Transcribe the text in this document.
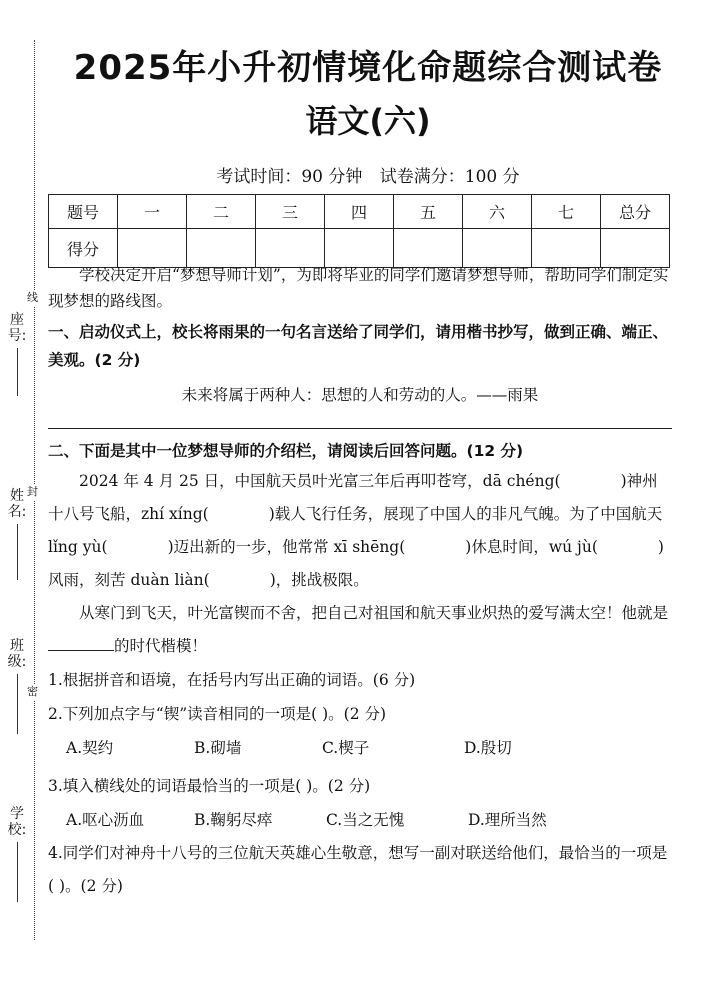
线
封
密
座号:
姓名:
班级:
学校:
2025年小升初情境化命题综合测试卷
语文(六)
考试时间：90 分钟 试卷满分：100 分
题号	一	二	三	四	五	六	七	总分
得分								

学校决定开启“梦想导师计划”，为即将毕业的同学们邀请梦想导师，帮助同学们制定实现梦想的路线图。

一、启动仪式上，校长将雨果的一句名言送给了同学们，请用楷书抄写，做到正确、端正、美观。(2 分)

未来将属于两种人：思想的人和劳动的人。——雨果

二、下面是其中一位梦想导师的介绍栏，请阅读后回答问题。(12 分)

2024 年 4 月 25 日，中国航天员叶光富三年后再叩苍穹，dā chéng(	)神州十八号飞船，zhí xíng(	)载人飞行任务，展现了中国人的非凡气魄。为了中国航天 lǐng yù(	)迈出新的一步，他常常 xī shēng(	)休息时间，wú jù(	)风雨，刻苦 duàn liàn(	)，挑战极限。

从寒门到飞天，叶光富锲而不舍，把自己对祖国和航天事业炽热的爱写满太空！他就是的时代楷模！

1.根据拼音和语境，在括号内写出正确的词语。(6 分)

2.下列加点字与“锲”读音相同的一项是( )。(2 分)

A.契约	B.砌墙	C.楔子	D.殷切

3.填入横线处的词语最恰当的一项是( )。(2 分)

A.呕心沥血	B.鞠躬尽瘁	C.当之无愧	D.理所当然

4.同学们对神舟十八号的三位航天英雄心生敬意，想写一副对联送给他们，最恰当的一项是( )。(2 分)
